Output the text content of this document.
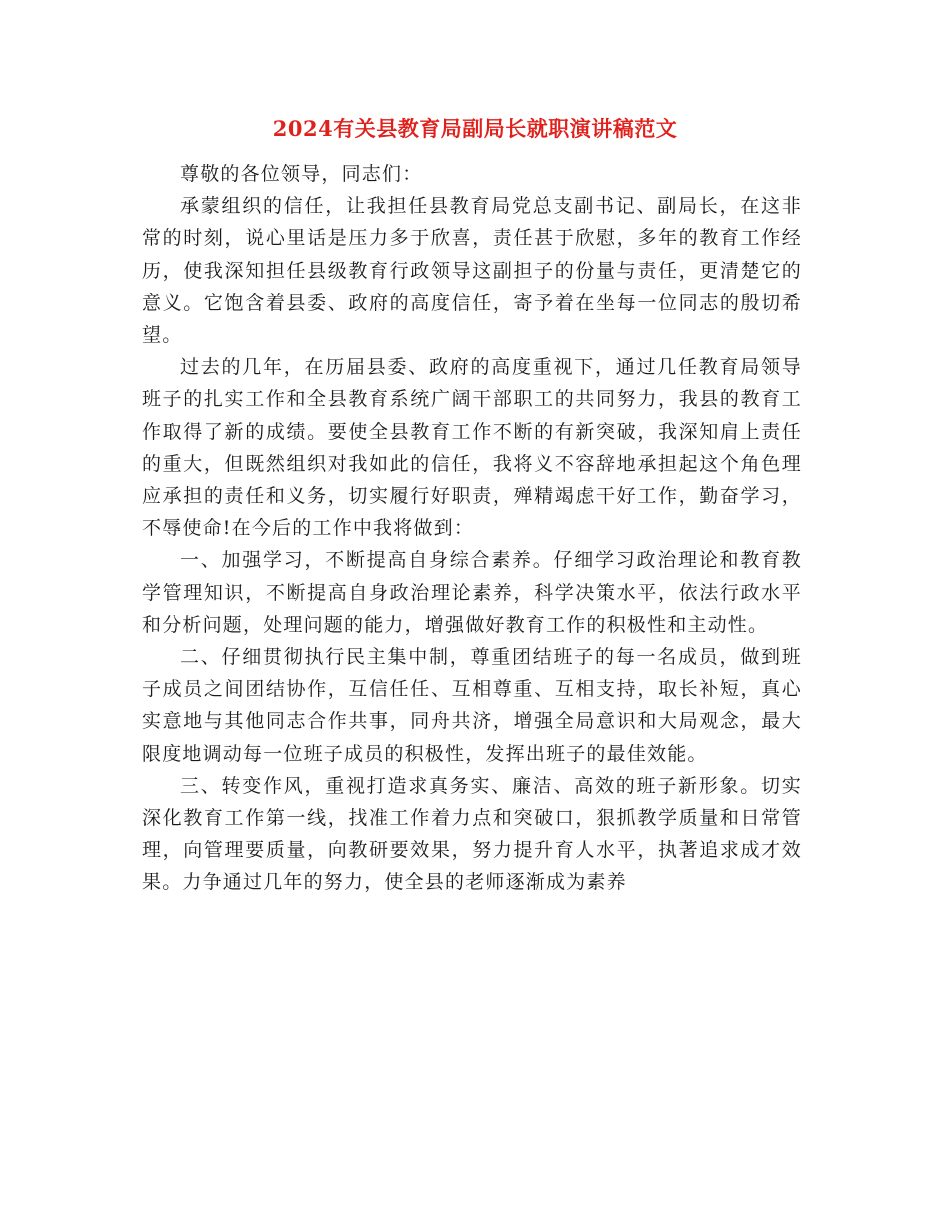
2024有关县教育局副局长就职演讲稿范文

尊敬的各位领导，同志们：

承蒙组织的信任，让我担任县教育局党总支副书记、副局长，在这非常的时刻，说心里话是压力多于欣喜，责任甚于欣慰，多年的教育工作经历，使我深知担任县级教育行政领导这副担子的份量与责任，更清楚它的意义。它饱含着县委、政府的高度信任，寄予着在坐每一位同志的殷切希望。

过去的几年，在历届县委、政府的高度重视下，通过几任教育局领导班子的扎实工作和全县教育系统广阔干部职工的共同努力，我县的教育工作取得了新的成绩。要使全县教育工作不断的有新突破，我深知肩上责任的重大，但既然组织对我如此的信任，我将义不容辞地承担起这个角色理应承担的责任和义务，切实履行好职责，殚精竭虑干好工作，勤奋学习，不辱使命!在今后的工作中我将做到：

一、加强学习，不断提高自身综合素养。仔细学习政治理论和教育教学管理知识，不断提高自身政治理论素养，科学决策水平，依法行政水平和分析问题，处理问题的能力，增强做好教育工作的积极性和主动性。

二、仔细贯彻执行民主集中制，尊重团结班子的每一名成员，做到班子成员之间团结协作，互信任任、互相尊重、互相支持，取长补短，真心实意地与其他同志合作共事，同舟共济，增强全局意识和大局观念，最大限度地调动每一位班子成员的积极性，发挥出班子的最佳效能。

三、转变作风，重视打造求真务实、廉洁、高效的班子新形象。切实深化教育工作第一线，找准工作着力点和突破口，狠抓教学质量和日常管理，向管理要质量，向教研要效果，努力提升育人水平，执著追求成才效果。力争通过几年的努力，使全县的老师逐渐成为素养
